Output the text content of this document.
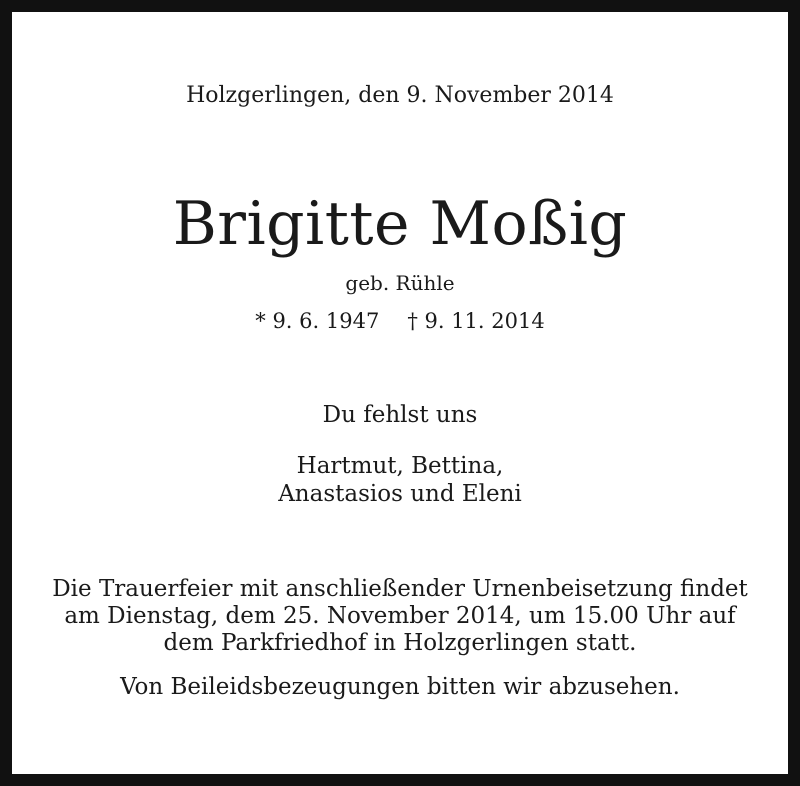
Holzgerlingen, den 9. November 2014
Brigitte Moßig
geb. Rühle
* 9. 6. 1947 † 9. 11. 2014
Du fehlst uns
Hartmut, Bettina,
Anastasios und Eleni
Die Trauerfeier mit anschließender Urnenbeisetzung findet
am Dienstag, dem 25. November 2014, um 15.00 Uhr auf
dem Parkfriedhof in Holzgerlingen statt.
Von Beileidsbezeugungen bitten wir abzusehen.
